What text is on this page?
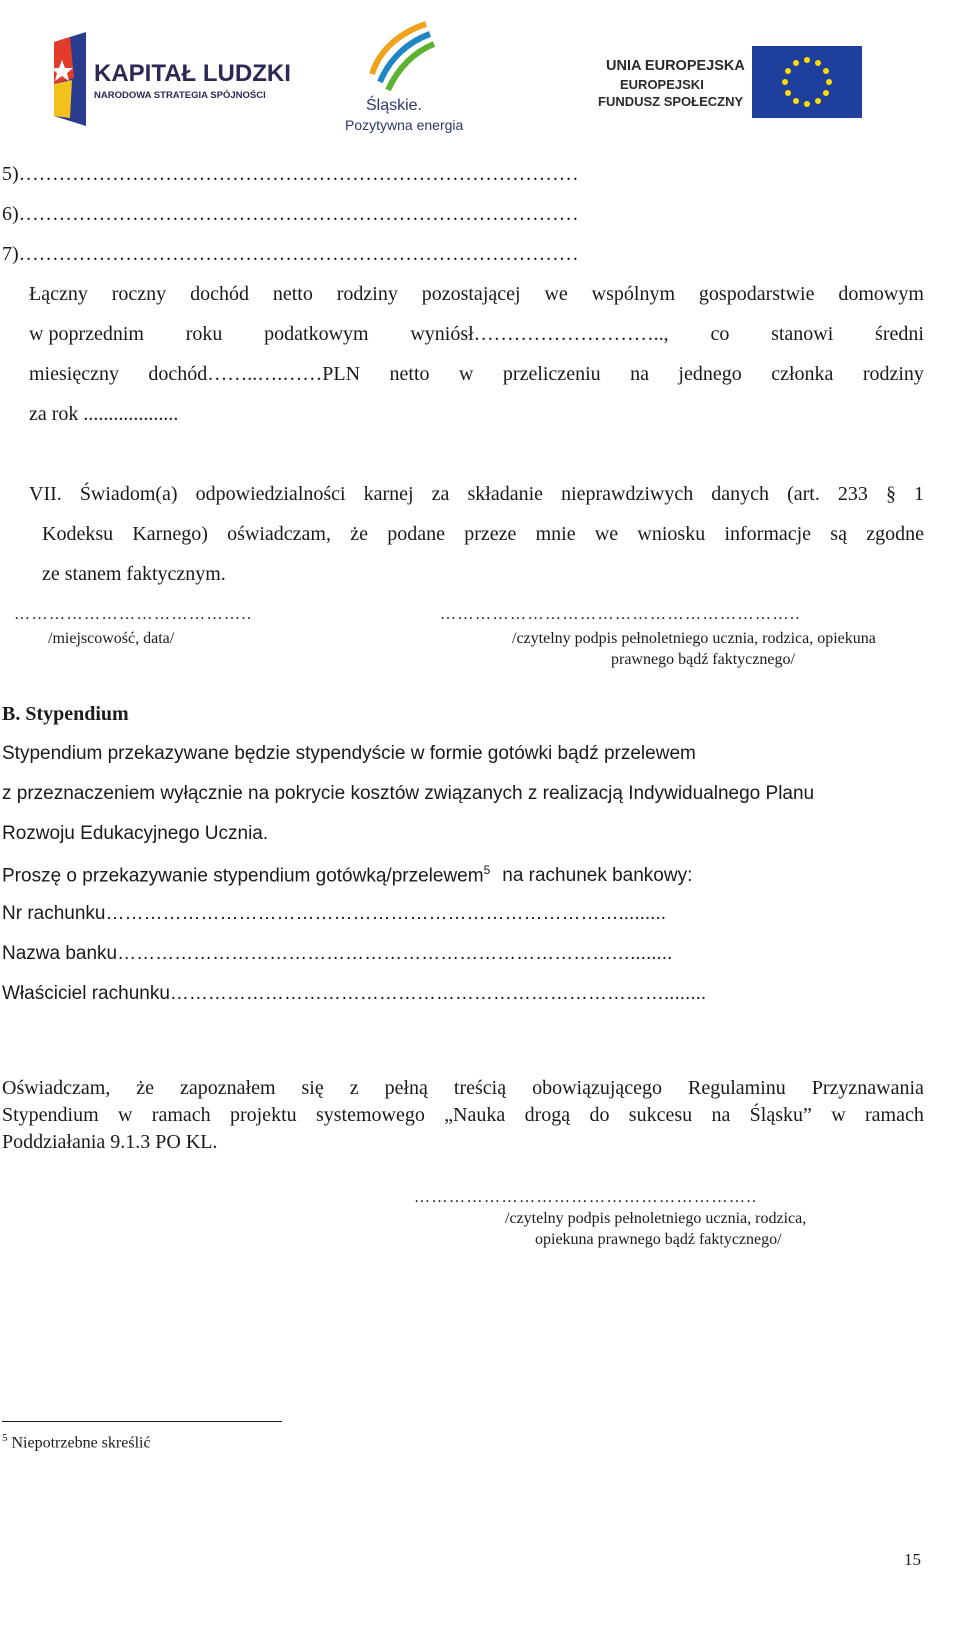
KAPITAŁ LUDZKI
NARODOWA STRATEGIA SPÓJNOŚCI
Śląskie.
Pozytywna energia
UNIA EUROPEJSKA
EUROPEJSKI
FUNDUSZ SPOŁECZNY
5)…………………………………………………………………………
6)…………………………………………………………………………
7)…………………………………………………………………………
Łączny roczny dochód netto rodziny pozostającej we wspólnym gospodarstwie domowym
w poprzednim roku podatkowym wyniósł……………………….., co stanowi średni
miesięczny dochód……..….……PLN netto w przeliczeniu na jednego członka rodziny
za rok ...................
VII. Świadom(a) odpowiedzialności karnej za składanie nieprawdziwych danych (art. 233 § 1
Kodeksu Karnego) oświadczam, że podane przeze mnie we wniosku informacje są zgodne
ze stanem faktycznym.
…………………………………..
/miejscowość, data/
……………………………………………………..
/czytelny podpis pełnoletniego ucznia, rodzica, opiekuna
prawnego bądź faktycznego/
B. Stypendium
Stypendium przekazywane będzie stypendyście w formie gotówki bądź przelewem
z przeznaczeniem wyłącznie na pokrycie kosztów związanych z realizacją Indywidualnego Planu
Rozwoju Edukacyjnego Ucznia.
Proszę o przekazywanie stypendium gotówką/przelewem$^5$ na rachunek bankowy:
Nr rachunku……………………………………………………………………….........
Nazwa banku………………………………………………………………………........
Właściciel rachunku……………………………………………………………………........
Oświadczam, że zapoznałem się z pełną treścią obowiązującego Regulaminu Przyznawania
Stypendium w ramach projektu systemowego „Nauka drogą do sukcesu na Śląsku” w ramach
Poddziałania 9.1.3 PO KL.
…………………………………………………..
/czytelny podpis pełnoletniego ucznia, rodzica,
opiekuna prawnego bądź faktycznego/
$^5$ Niepotrzebne skreślić
15
